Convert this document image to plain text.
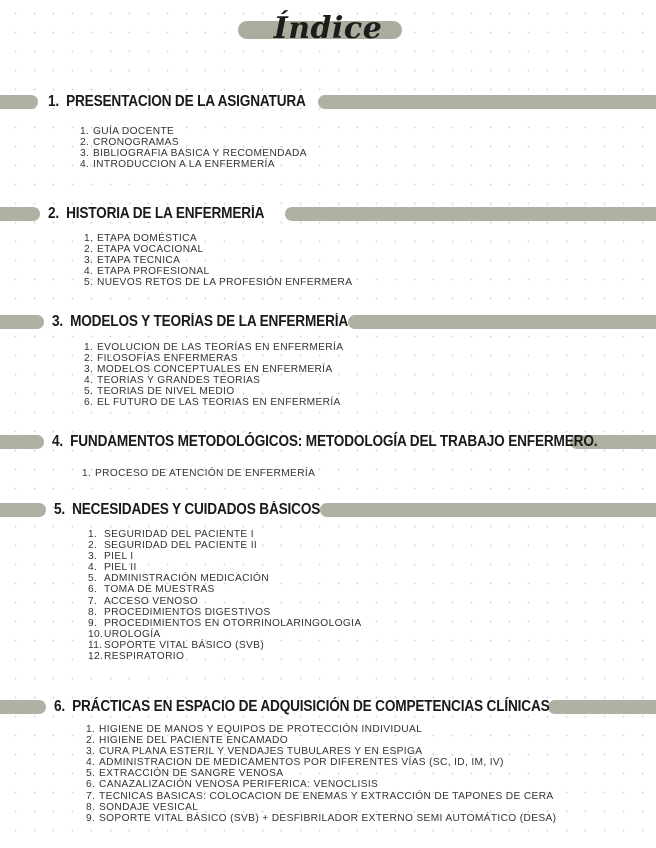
Índice
1. PRESENTACION DE LA ASIGNATURA
1. GUÍA DOCENTE
2. CRONOGRAMAS
3. BIBLIOGRAFIA BASICA Y RECOMENDADA
4. INTRODUCCION A LA ENFERMERÍA
2. HISTORIA DE LA ENFERMERÍA
1. ETAPA DOMÉSTICA
2. ETAPA VOCACIONAL
3. ETAPA TECNICA
4. ETAPA PROFESIONAL
5. NUEVOS RETOS DE LA PROFESIÓN ENFERMERA
3. MODELOS Y TEORÍAS DE LA ENFERMERÍA
1. EVOLUCION DE LAS TEORÍAS EN ENFERMERÍA
2. FILOSOFÍAS ENFERMERAS
3. MODELOS CONCEPTUALES EN ENFERMERÍA
4. TEORIAS Y GRANDES TEORIAS
5. TEORIAS DE NIVEL MEDIO
6. EL FUTURO DE LAS TEORIAS EN ENFERMERÍA
4. FUNDAMENTOS METODOLÓGICOS: METODOLOGÍA DEL TRABAJO ENFERMERO.
1. PROCESO DE ATENCIÓN DE ENFERMERÍA
5. NECESIDADES Y CUIDADOS BÁSICOS
1. SEGURIDAD DEL PACIENTE I
2. SEGURIDAD DEL PACIENTE II
3. PIEL I
4. PIEL II
5. ADMINISTRACIÓN MEDICACIÓN
6. TOMA DE MUESTRAS
7. ACCESO VENOSO
8. PROCEDIMIENTOS DIGESTIVOS
9. PROCEDIMIENTOS EN OTORRINOLARINGOLOGIA
10.UROLOGÍA
11. SOPORTE VITAL BÁSICO (SVB)
12.RESPIRATORIO
6. PRÁCTICAS EN ESPACIO DE ADQUISICIÓN DE COMPETENCIAS CLÍNICAS
1. HIGIENE DE MANOS Y EQUIPOS DE PROTECCIÓN INDIVIDUAL
2. HIGIENE DEL PACIENTE ENCAMADO
3. CURA PLANA ESTERIL Y VENDAJES TUBULARES Y EN ESPIGA
4. ADMINISTRACION DE MEDICAMENTOS POR DIFERENTES VÍAS (SC, ID, IM, IV)
5. EXTRACCIÓN DE SANGRE VENOSA
6. CANAZALIZACIÓN VENOSA PERIFERICA: VENOCLISIS
7. TECNICAS BASICAS: COLOCACION DE ENEMAS Y EXTRACCIÓN DE TAPONES DE CERA
8. SONDAJE VESICAL
9. SOPORTE VITAL BÁSICO (SVB) + DESFIBRILADOR EXTERNO SEMI AUTOMÁTICO (DESA)
